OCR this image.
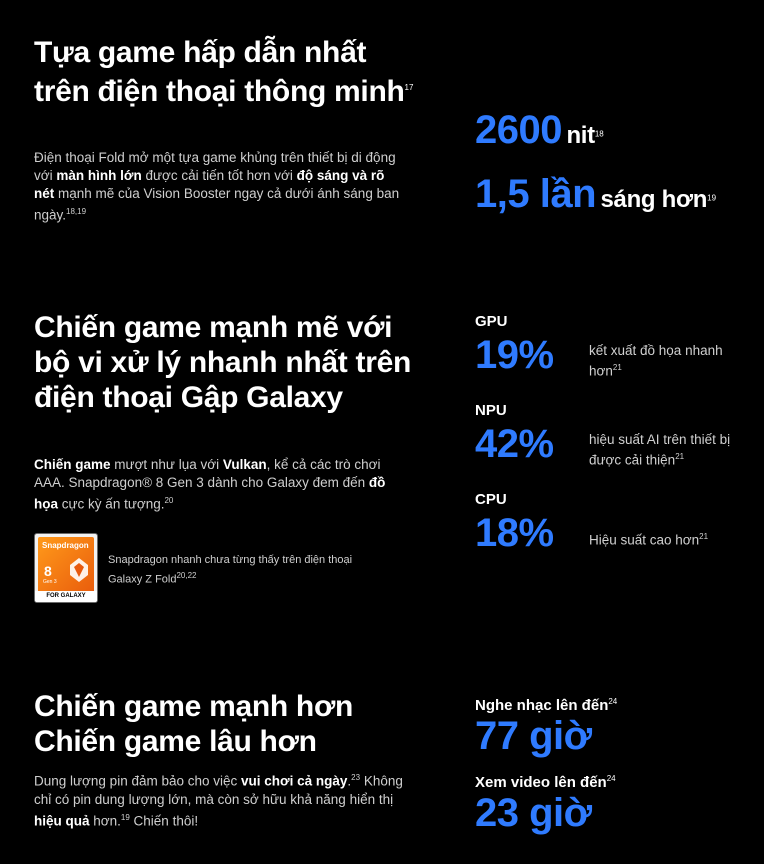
Tựa game hấp dẫn nhất trên điện thoại thông minh$^{17}$

Điện thoại Fold mở một tựa game khủng trên thiết bị di động với màn hình lớn được cải tiến tốt hơn với độ sáng và rõ nét mạnh mẽ của Vision Booster ngay cả dưới ánh sáng ban ngày.$^{18,19}$

2600 nit$^{18}$
1,5 lần sáng hơn$^{19}$
Chiến game mạnh mẽ với bộ vi xử lý nhanh nhất trên điện thoại Gập Galaxy

Chiến game mượt như lụa với Vulkan, kể cả các trò chơi AAA. Snapdragon® 8 Gen 3 dành cho Galaxy đem đến đồ họa cực kỳ ấn tượng.$^{20}$

Snapdragon
8
Gen 3
FOR GALAXY
Snapdragon nhanh chưa từng thấy trên điện thoại Galaxy Z Fold$^{20,22}$
GPU
19%	kết xuất đồ họa nhanh hơn$^{21}$
NPU
42%	hiệu suất AI trên thiết bị được cải thiện$^{21}$
CPU
18%	Hiệu suất cao hơn$^{21}$
Chiến game mạnh hơn
Chiến game lâu hơn

Dung lượng pin đảm bảo cho việc vui chơi cả ngày.$^{23}$ Không chỉ có pin dung lượng lớn, mà còn sở hữu khả năng hiển thị hiệu quả hơn.$^{19}$ Chiến thôi!

Nghe nhạc lên đến$^{24}$
77 giờ
Xem video lên đến$^{24}$
23 giờ
